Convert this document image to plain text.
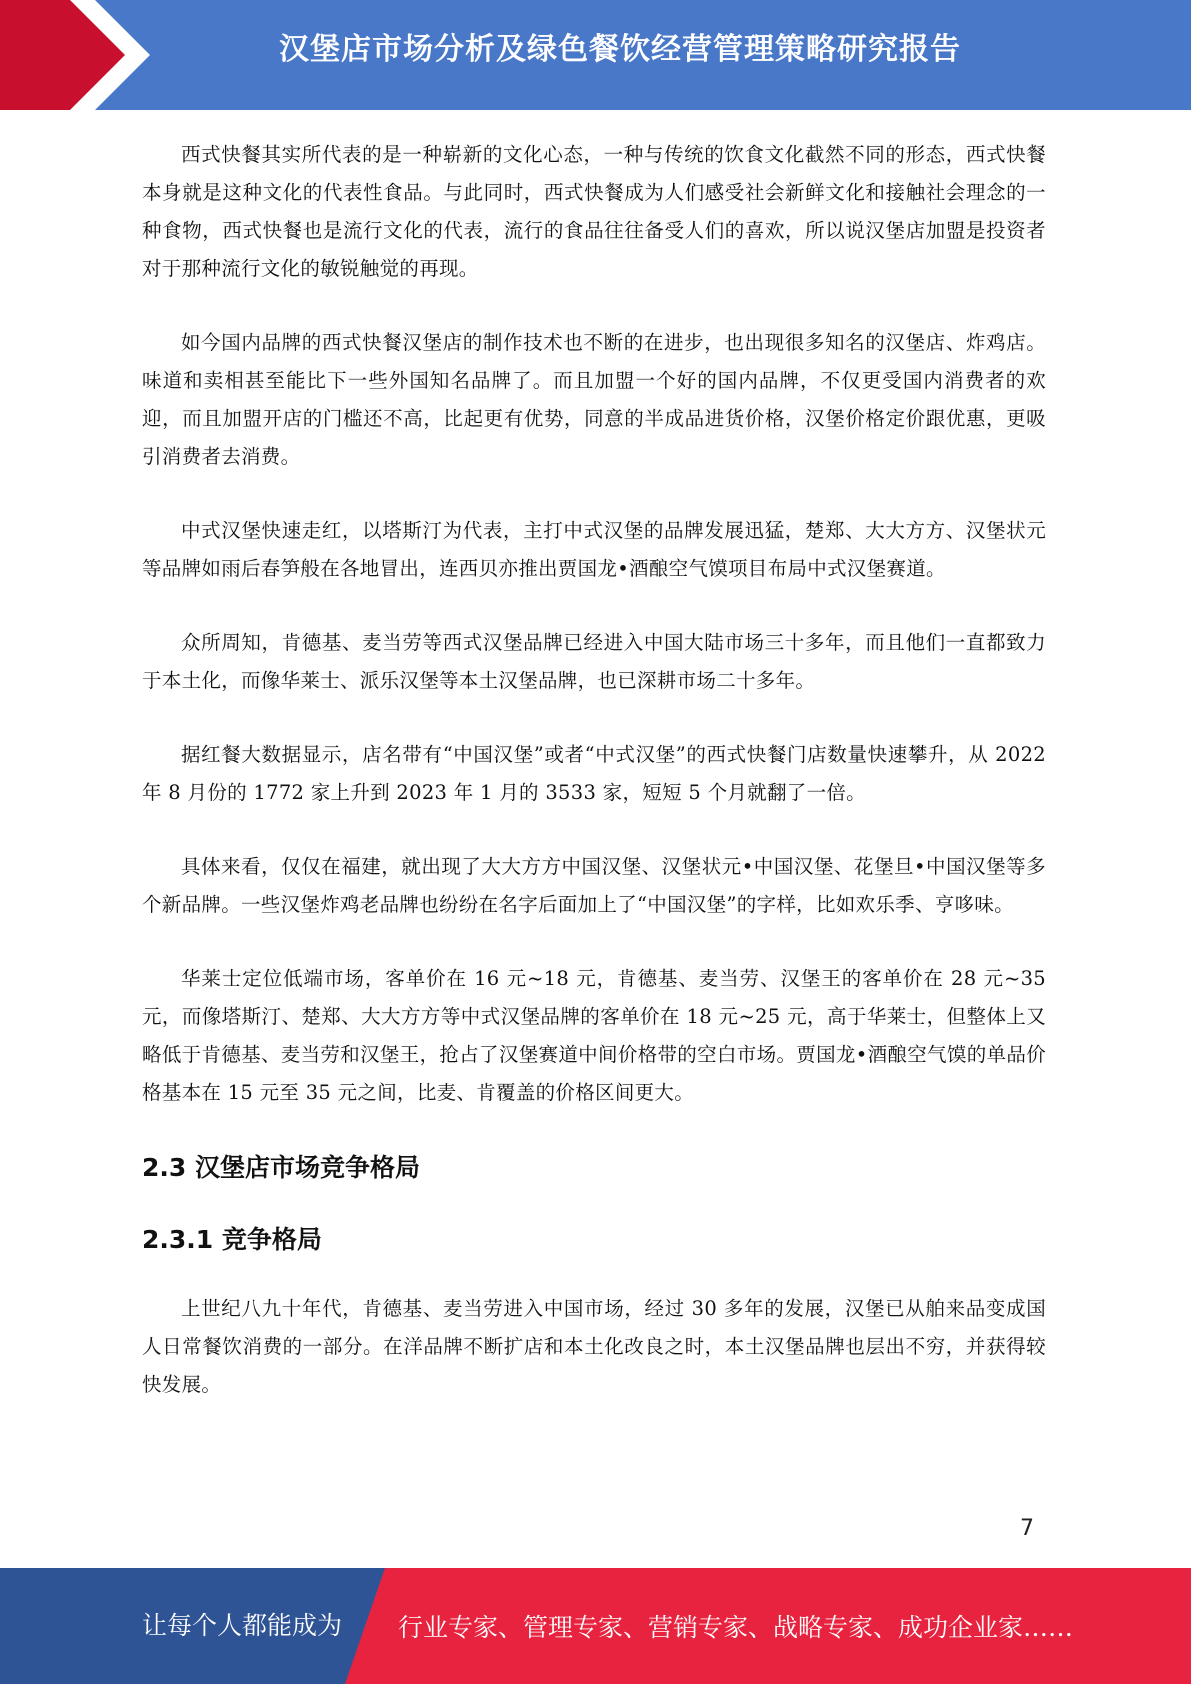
汉堡店市场分析及绿色餐饮经营管理策略研究报告

西式快餐其实所代表的是一种崭新的文化心态，一种与传统的饮食文化截然不同的形态，西式快餐本身就是这种文化的代表性食品。与此同时，西式快餐成为人们感受社会新鲜文化和接触社会理念的一种食物，西式快餐也是流行文化的代表，流行的食品往往备受人们的喜欢，所以说汉堡店加盟是投资者对于那种流行文化的敏锐触觉的再现。

如今国内品牌的西式快餐汉堡店的制作技术也不断的在进步，也出现很多知名的汉堡店、炸鸡店。味道和卖相甚至能比下一些外国知名品牌了。而且加盟一个好的国内品牌，不仅更受国内消费者的欢迎，而且加盟开店的门槛还不高，比起更有优势，同意的半成品进货价格，汉堡价格定价跟优惠，更吸引消费者去消费。

中式汉堡快速走红，以塔斯汀为代表，主打中式汉堡的品牌发展迅猛，楚郑、大大方方、汉堡状元等品牌如雨后春笋般在各地冒出，连西贝亦推出贾国龙•酒酿空气馍项目布局中式汉堡赛道。

众所周知，肯德基、麦当劳等西式汉堡品牌已经进入中国大陆市场三十多年，而且他们一直都致力于本土化，而像华莱士、派乐汉堡等本土汉堡品牌，也已深耕市场二十多年。

据红餐大数据显示，店名带有“中国汉堡”或者“中式汉堡”的西式快餐门店数量快速攀升，从 2022 年 8 月份的 1772 家上升到 2023 年 1 月的 3533 家，短短 5 个月就翻了一倍。

具体来看，仅仅在福建，就出现了大大方方中国汉堡、汉堡状元•中国汉堡、花堡旦•中国汉堡等多个新品牌。一些汉堡炸鸡老品牌也纷纷在名字后面加上了“中国汉堡”的字样，比如欢乐季、亨哆味。

华莱士定位低端市场，客单价在 16 元~18 元，肯德基、麦当劳、汉堡王的客单价在 28 元~35 元，而像塔斯汀、楚郑、大大方方等中式汉堡品牌的客单价在 18 元~25 元，高于华莱士，但整体上又略低于肯德基、麦当劳和汉堡王，抢占了汉堡赛道中间价格带的空白市场。贾国龙•酒酿空气馍的单品价格基本在 15 元至 35 元之间，比麦、肯覆盖的价格区间更大。

2.3 汉堡店市场竞争格局
2.3.1 竞争格局

上世纪八九十年代，肯德基、麦当劳进入中国市场，经过 30 多年的发展，汉堡已从舶来品变成国人日常餐饮消费的一部分。在洋品牌不断扩店和本土化改良之时，本土汉堡品牌也层出不穷，并获得较快发展。

7
让每个人都能成为 行业专家、管理专家、营销专家、战略专家、成功企业家……
